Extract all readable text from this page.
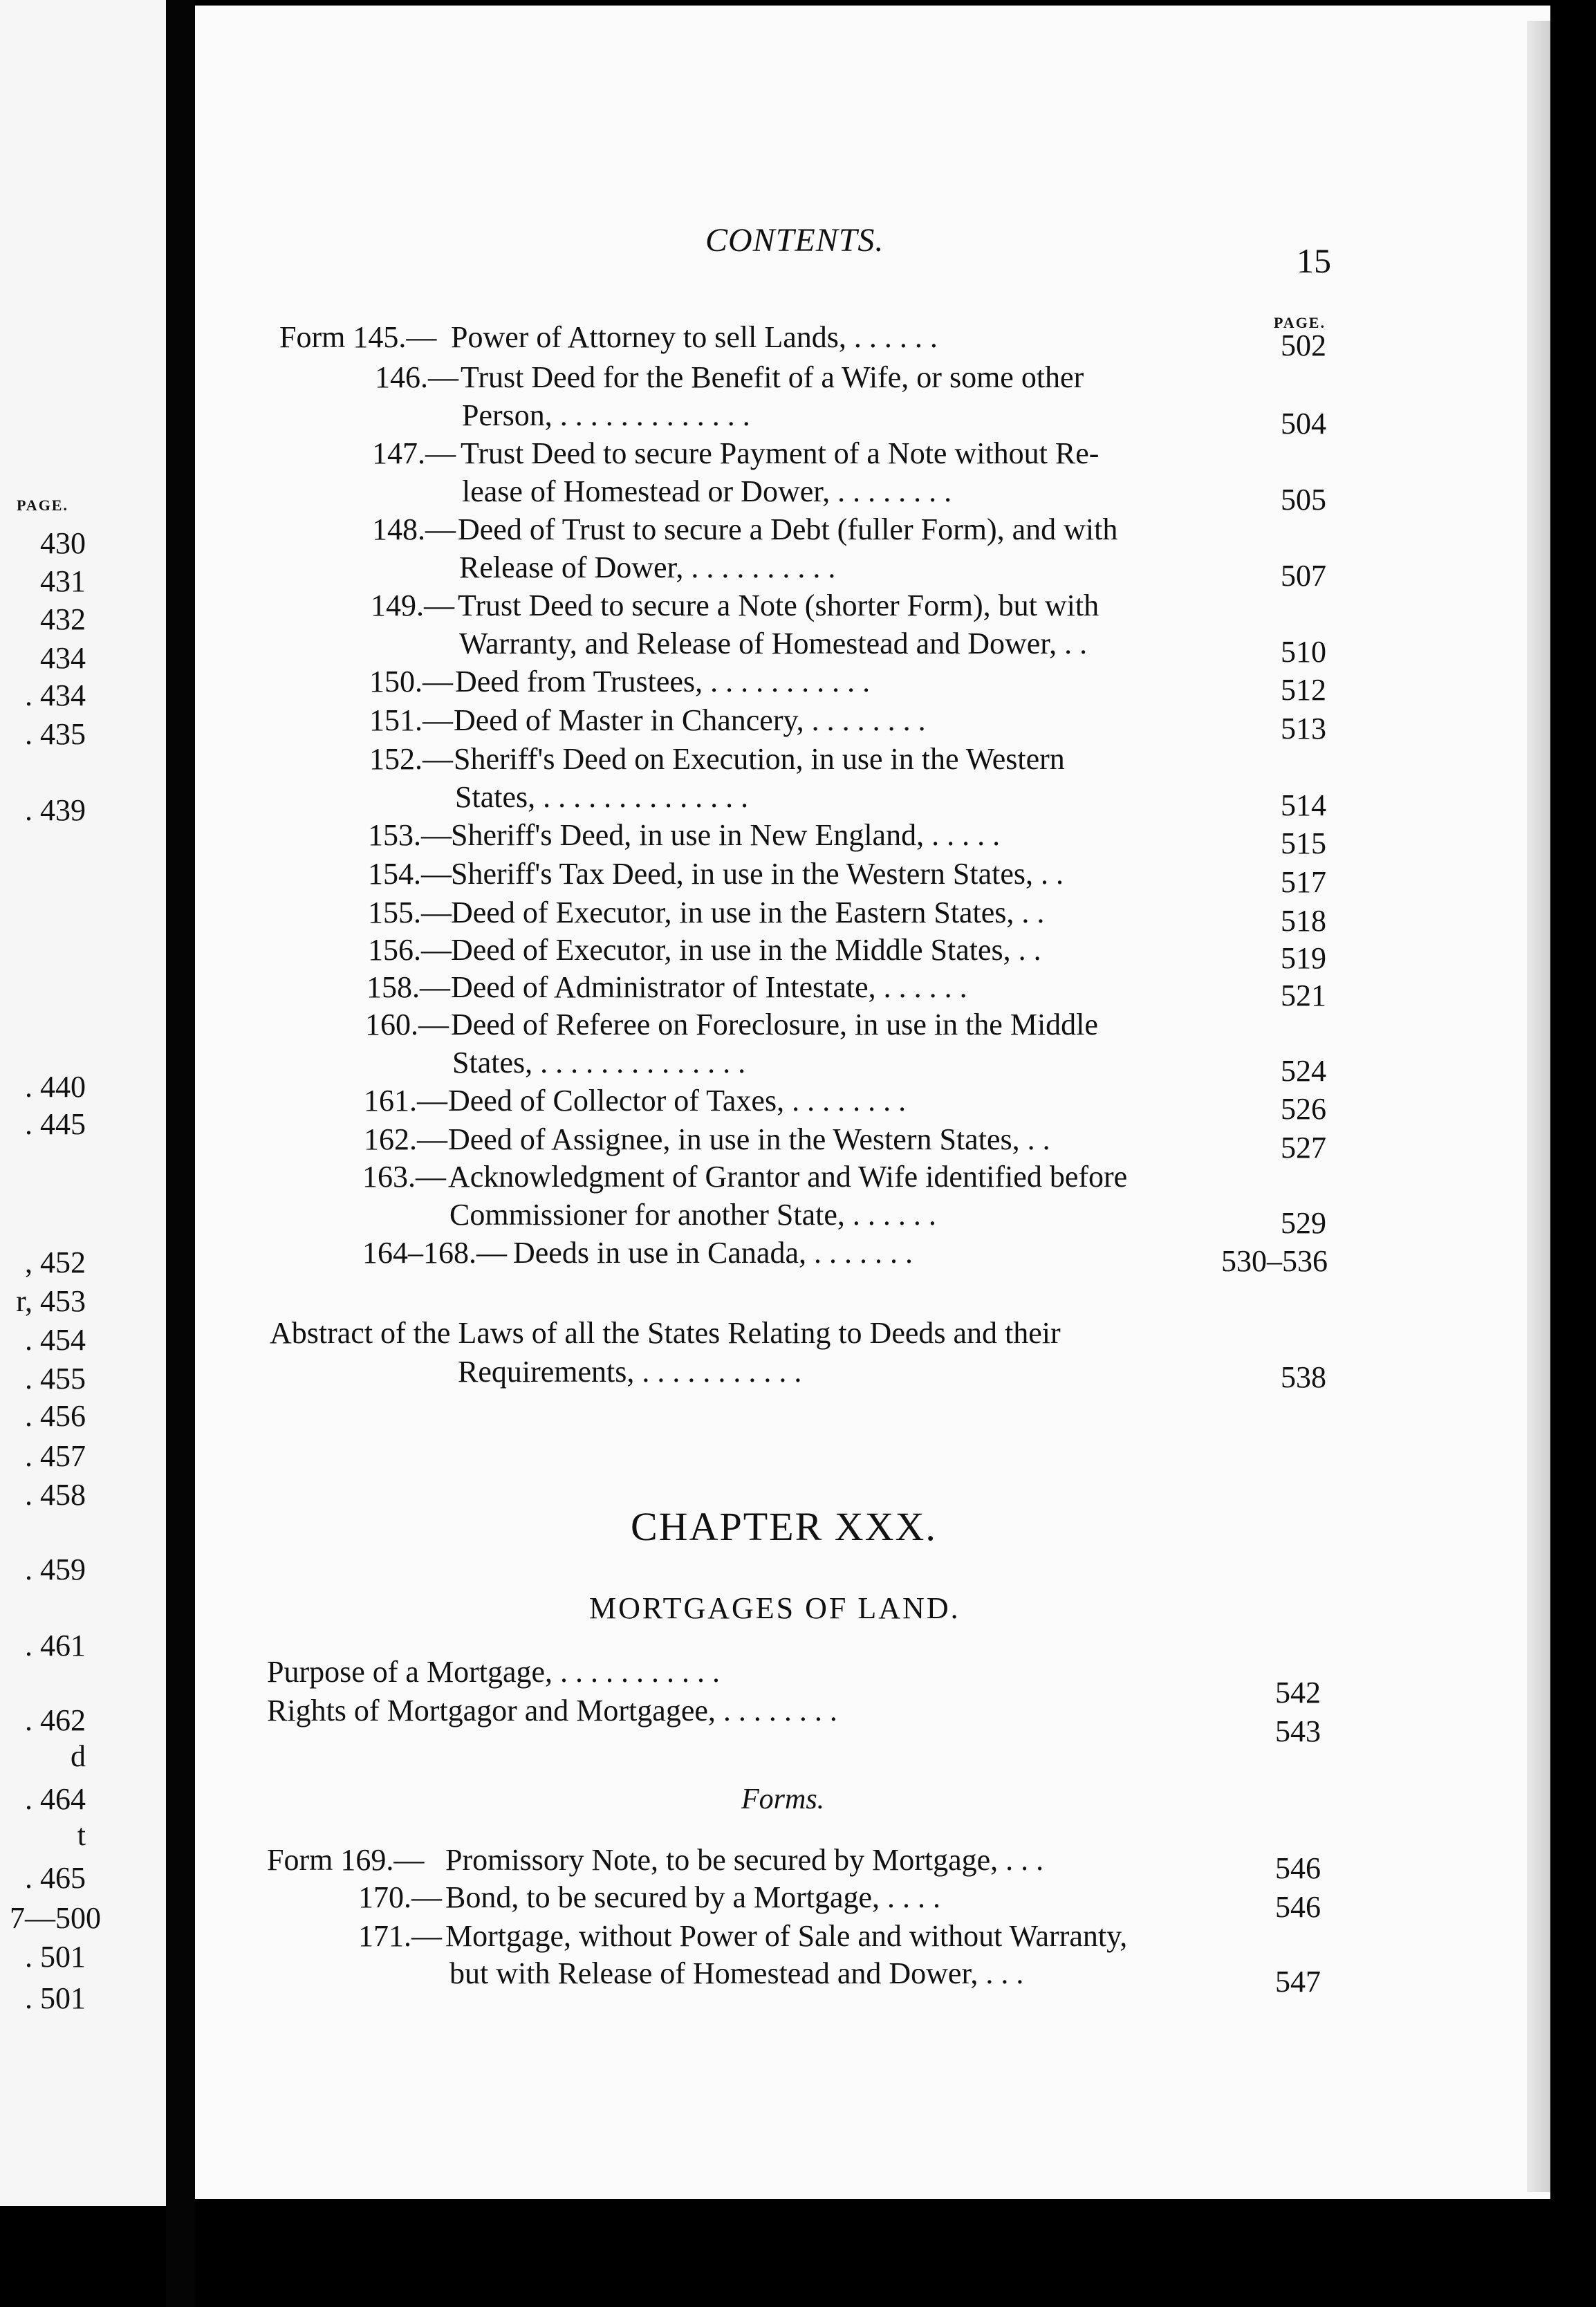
PAGE.
430
431
432
434
. 434
. 435
. 439
. 440
. 445
, 452
r, 453
. 454
. 455
. 456
. 457
. 458
. 459
. 461
. 462
d
. 464
t
. 465
7—500
. 501
. 501
CONTENTS.
15
PAGE.
Form 145.— Power of Attorney to sell Lands, . . . . . .	502
146.— Trust Deed for the Benefit of a Wife, or some other
Person, . . . . . . . . . . . . .	504
147.— Trust Deed to secure Payment of a Note without Re-
lease of Homestead or Dower, . . . . . . . .	505
148.— Deed of Trust to secure a Debt (fuller Form), and with
Release of Dower, . . . . . . . . . .	507
149.— Trust Deed to secure a Note (shorter Form), but with
Warranty, and Release of Homestead and Dower, . .	510
150.— Deed from Trustees, . . . . . . . . . . .	512
151.— Deed of Master in Chancery, . . . . . . . .	513
152.— Sheriff's Deed on Execution, in use in the Western
States, . . . . . . . . . . . . . .	514
153.— Sheriff's Deed, in use in New England, . . . . .	515
154.— Sheriff's Tax Deed, in use in the Western States, . .	517
155.— Deed of Executor, in use in the Eastern States, . .	518
156.— Deed of Executor, in use in the Middle States, . .	519
158.— Deed of Administrator of Intestate, . . . . . .	521
160.— Deed of Referee on Foreclosure, in use in the Middle
States, . . . . . . . . . . . . . .	524
161.— Deed of Collector of Taxes, . . . . . . . .	526
162.— Deed of Assignee, in use in the Western States, . .	527
163.— Acknowledgment of Grantor and Wife identified before
Commissioner for another State, . . . . . .	529
164–168.— Deeds in use in Canada, . . . . . . .	530–536
Abstract of the Laws of all the States Relating to Deeds and their
Requirements, . . . . . . . . . . .	538
CHAPTER XXX.
MORTGAGES OF LAND.
Purpose of a Mortgage, . . . . . . . . . . .
542
Rights of Mortgagor and Mortgagee, . . . . . . . .
543
Forms.
Form 169.— Promissory Note, to be secured by Mortgage, . . .	546
170.— Bond, to be secured by a Mortgage, . . . .	546
171.— Mortgage, without Power of Sale and without Warranty,
but with Release of Homestead and Dower, . . .	547
